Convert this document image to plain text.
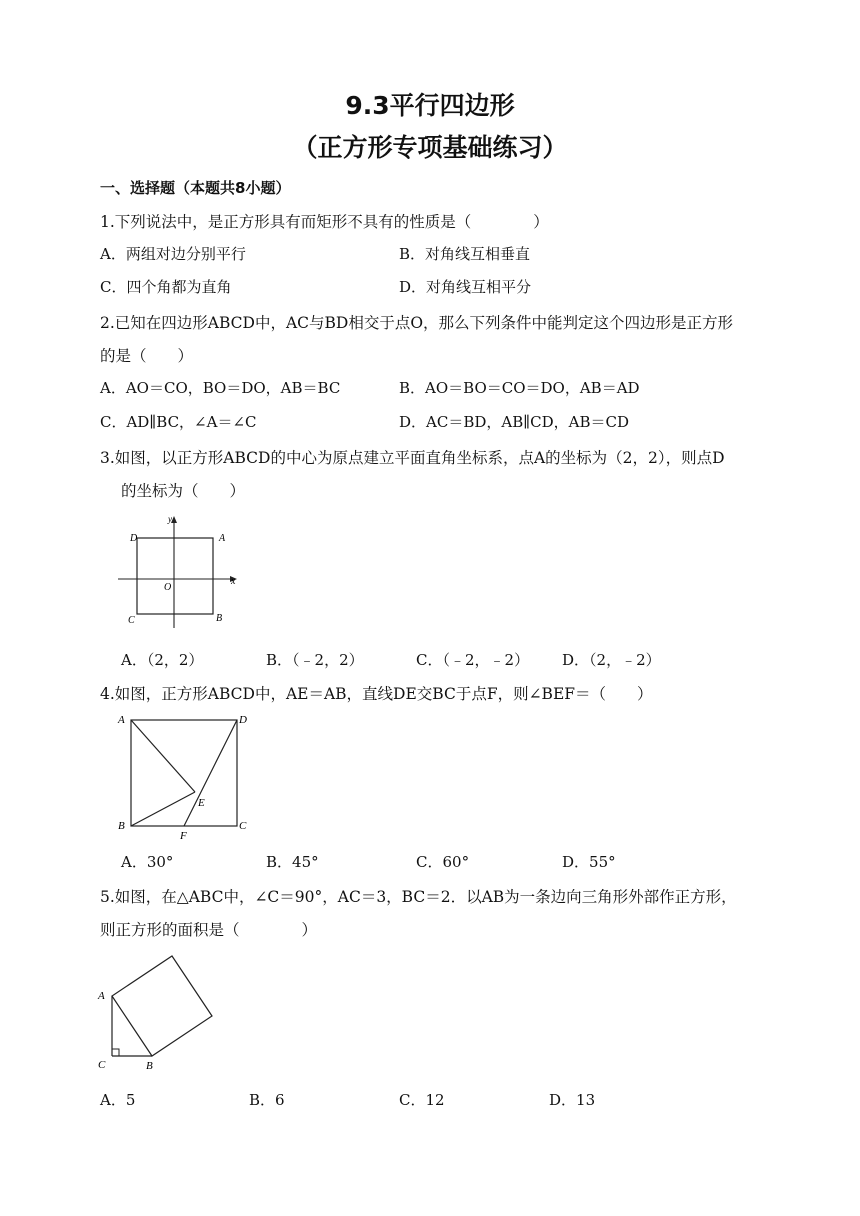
9.3平行四边形
（正方形专项基础练习）
一、选择题（本题共8小题）
1.下列说法中，是正方形具有而矩形不具有的性质是（　　　　）
A．两组对边分别平行	B．对角线互相垂直
C．四个角都为直角	D．对角线互相平分
2.已知在四边形ABCD中，AC与BD相交于点O，那么下列条件中能判定这个四边形是正方形
的是（　　）
A．AO＝CO，BO＝DO，AB＝BC	B．AO＝BO＝CO＝DO，AB＝AD
C．AD∥BC，∠A＝∠C	D．AC＝BD，AB∥CD，AB＝CD
3.如图，以正方形ABCD的中心为原点建立平面直角坐标系，点A的坐标为（2，2），则点D
的坐标为（　　）
D	A
C	B
O
x
y
A．（2，2）	B．（﹣2，2）	C．（﹣2，﹣2） D．（2，﹣2）
4.如图，正方形ABCD中，AE＝AB，直线DE交BC于点F，则∠BEF＝（　　）
A	D
B	C
E
F
A．30°	B．45°	C．60°	D．55°
5.如图，在△ABC中，∠C＝90°，AC＝3，BC＝2．以AB为一条边向三角形外部作正方形，
则正方形的面积是（　　　　）
A
C	B
A．5	B．6	C．12	D．13
